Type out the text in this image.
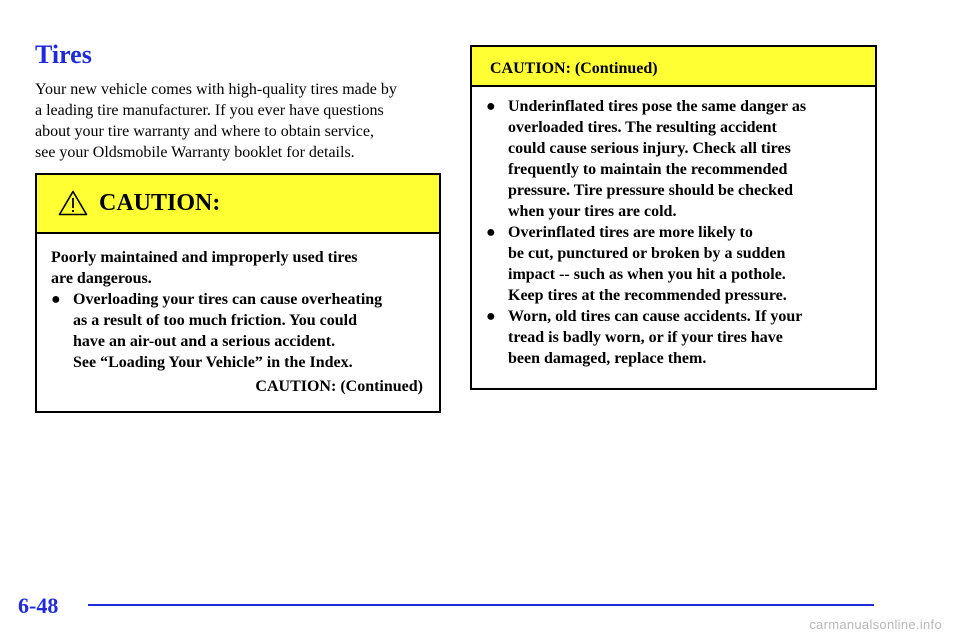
Tires
Your new vehicle comes with high-quality tires made by
a leading tire manufacturer. If you ever have questions
about your tire warranty and where to obtain service,
see your Oldsmobile Warranty booklet for details.
CAUTION:
Poorly maintained and improperly used tires
are dangerous.
● Overloading your tires can cause overheating
as a result of too much friction. You could
have an air-out and a serious accident.
See “Loading Your Vehicle” in the Index.
CAUTION: (Continued)
CAUTION: (Continued)
● Underinflated tires pose the same danger as
overloaded tires. The resulting accident
could cause serious injury. Check all tires
frequently to maintain the recommended
pressure. Tire pressure should be checked
when your tires are cold.
● Overinflated tires are more likely to
be cut, punctured or broken by a sudden
impact -- such as when you hit a pothole.
Keep tires at the recommended pressure.
● Worn, old tires can cause accidents. If your
tread is badly worn, or if your tires have
been damaged, replace them.
6-48
carmanualsonline.info
